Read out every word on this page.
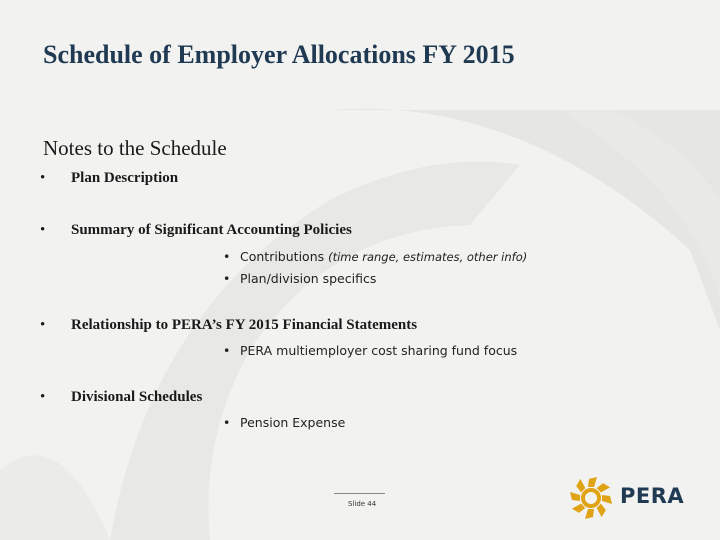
Schedule of Employer Allocations FY 2015
Notes to the Schedule
• Plan Description
• Summary of Significant Accounting Policies
• Contributions (time range, estimates, other info)
• Plan/division specifics
• Relationship to PERA’s FY 2015 Financial Statements
• PERA multiemployer cost sharing fund focus
• Divisional Schedules
• Pension Expense
Slide 44	PERA
